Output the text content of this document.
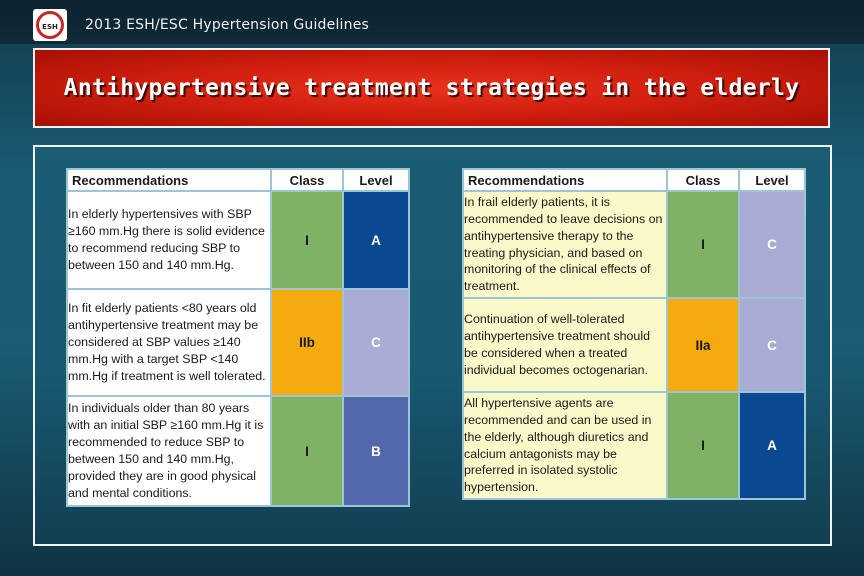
ESH 2013 ESH/ESC Hypertension Guidelines
Antihypertensive treatment strategies in the elderly
Recommendations	Class	Level
In elderly hypertensives with SBP ≥160 mm.Hg there is solid evidence to recommend reducing SBP to between 150 and 140 mm.Hg.	I	A
In fit elderly patients <80 years old antihypertensive treatment may be considered at SBP values ≥140 mm.Hg with a target SBP <140 mm.Hg if treatment is well tolerated.	IIb	C
In individuals older than 80 years with an initial SBP ≥160 mm.Hg it is recommended to reduce SBP to between 150 and 140 mm.Hg, provided they are in good physical and mental conditions.	I	B
Recommendations	Class	Level
In frail elderly patients, it is recommended to leave decisions on antihypertensive therapy to the treating physician, and based on monitoring of the clinical effects of treatment.	I	C
Continuation of well-tolerated antihypertensive treatment should be considered when a treated individual becomes octogenarian.	IIa	C
All hypertensive agents are recommended and can be used in the elderly, although diuretics and calcium antagonists may be preferred in isolated systolic hypertension.	I	A
